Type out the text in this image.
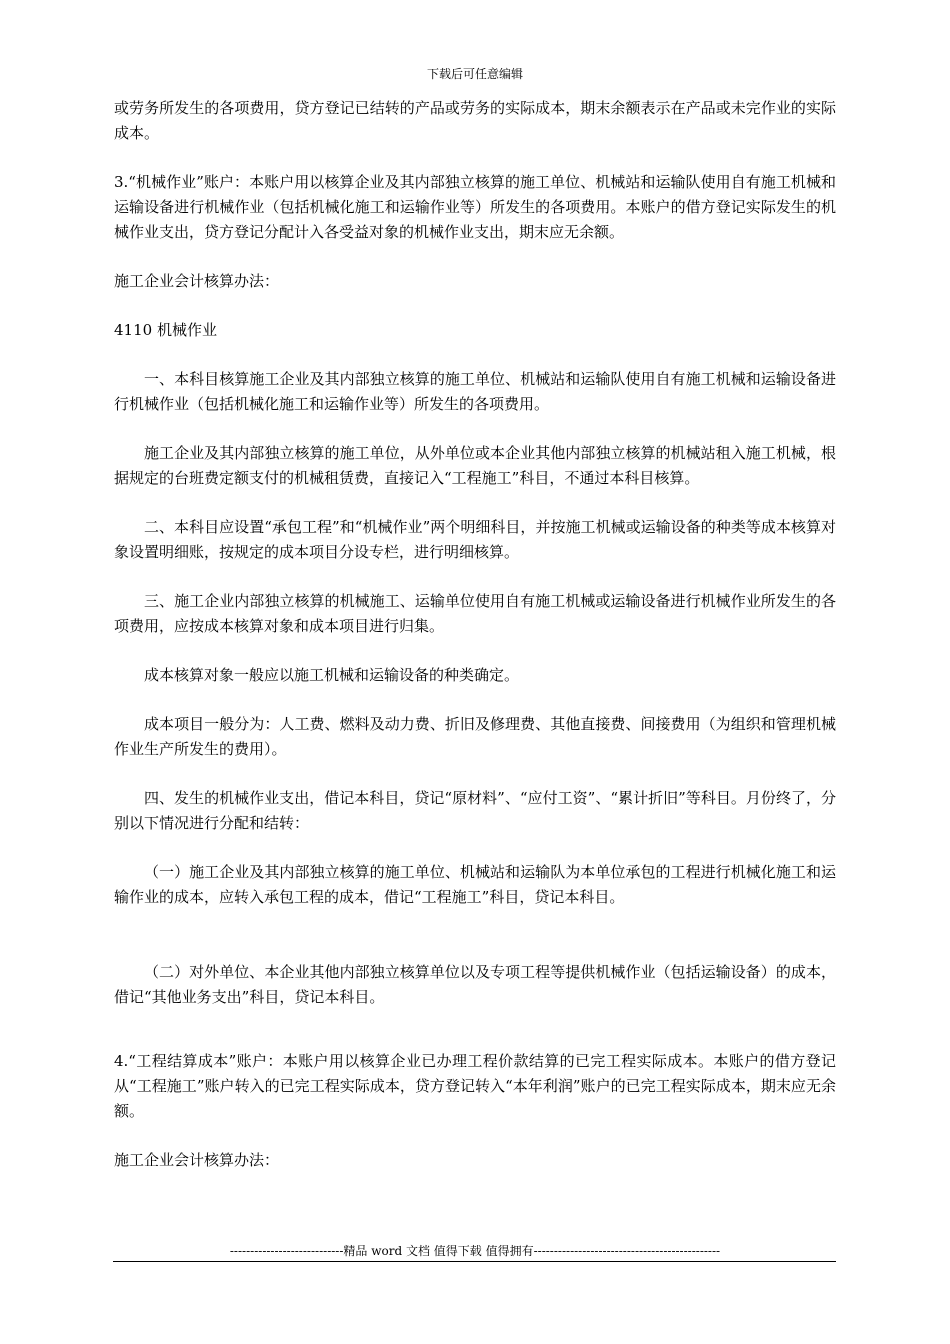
下载后可任意编辑

或劳务所发生的各项费用，贷方登记已结转的产品或劳务的实际成本，期末余额表示在产品或未完作业的实际成本。

3.“机械作业”账户：本账户用以核算企业及其内部独立核算的施工单位、机械站和运输队使用自有施工机械和运输设备进行机械作业（包括机械化施工和运输作业等）所发生的各项费用。本账户的借方登记实际发生的机械作业支出，贷方登记分配计入各受益对象的机械作业支出，期末应无余额。

施工企业会计核算办法：

4110 机械作业

一、本科目核算施工企业及其内部独立核算的施工单位、机械站和运输队使用自有施工机械和运输设备进行机械作业（包括机械化施工和运输作业等）所发生的各项费用。

施工企业及其内部独立核算的施工单位，从外单位或本企业其他内部独立核算的机械站租入施工机械，根据规定的台班费定额支付的机械租赁费，直接记入“工程施工”科目，不通过本科目核算。

二、本科目应设置“承包工程”和“机械作业”两个明细科目，并按施工机械或运输设备的种类等成本核算对象设置明细账，按规定的成本项目分设专栏，进行明细核算。

三、施工企业内部独立核算的机械施工、运输单位使用自有施工机械或运输设备进行机械作业所发生的各项费用，应按成本核算对象和成本项目进行归集。

成本核算对象一般应以施工机械和运输设备的种类确定。

成本项目一般分为：人工费、燃料及动力费、折旧及修理费、其他直接费、间接费用（为组织和管理机械作业生产所发生的费用）。

四、发生的机械作业支出，借记本科目，贷记“原材料”、“应付工资”、“累计折旧”等科目。月份终了，分别以下情况进行分配和结转：

（一）施工企业及其内部独立核算的施工单位、机械站和运输队为本单位承包的工程进行机械化施工和运输作业的成本，应转入承包工程的成本，借记“工程施工”科目，贷记本科目。

（二）对外单位、本企业其他内部独立核算单位以及专项工程等提供机械作业（包括运输设备）的成本，借记“其他业务支出”科目，贷记本科目。

4.“工程结算成本”账户：本账户用以核算企业已办理工程价款结算的已完工程实际成本。本账户的借方登记从“工程施工”账户转入的已完工程实际成本，贷方登记转入“本年利润”账户的已完工程实际成本，期末应无余额。

施工企业会计核算办法：

----------------------------精品 word 文档 值得下载 值得拥有----------------------------------------------
